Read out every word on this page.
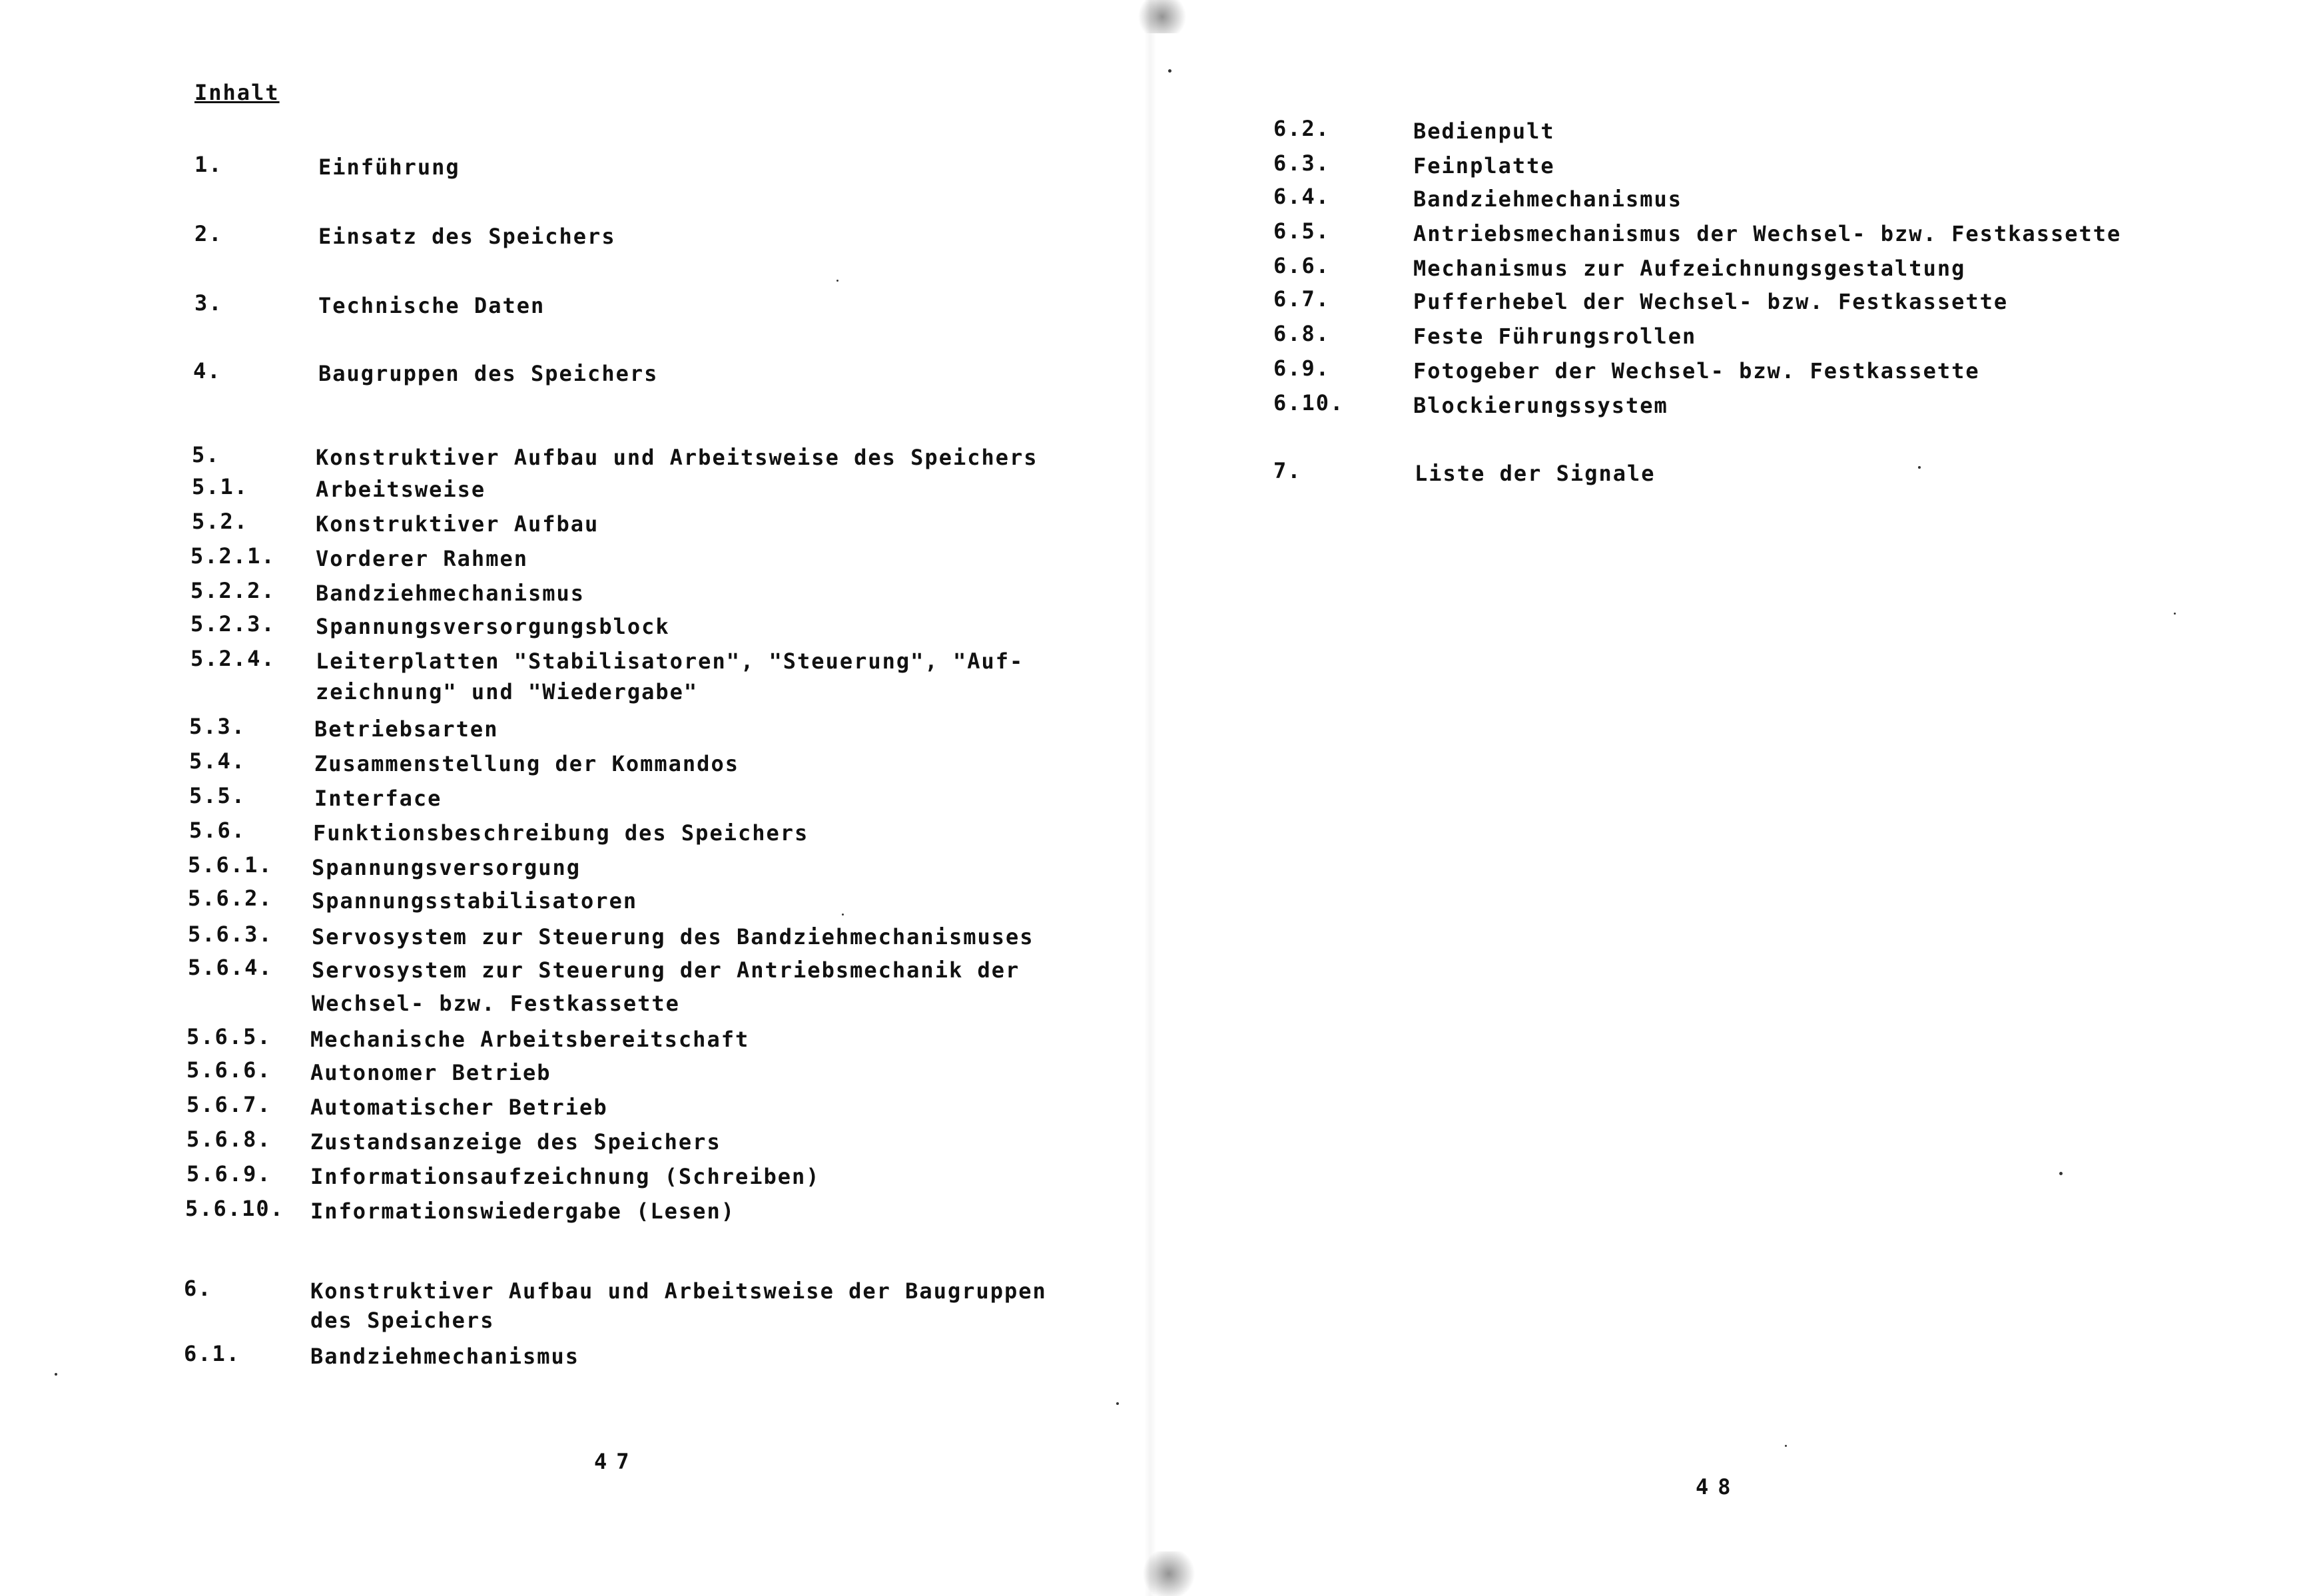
Inhalt
1.	Einführung
2.	Einsatz des Speichers
3.	Technische Daten
4.	Baugruppen des Speichers
5.	Konstruktiver Aufbau und Arbeitsweise des Speichers
5.1.	Arbeitsweise
5.2.	Konstruktiver Aufbau
5.2.1. Vorderer Rahmen
5.2.2. Bandziehmechanismus
5.2.3. Spannungsversorgungsblock
5.2.4. Leiterplatten "Stabilisatoren", "Steuerung", "Auf-
zeichnung" und "Wiedergabe"
5.3.	Betriebsarten
5.4.	Zusammenstellung der Kommandos
5.5.	Interface
5.6.	Funktionsbeschreibung des Speichers
5.6.1. Spannungsversorgung
5.6.2. Spannungsstabilisatoren
5.6.3. Servosystem zur Steuerung des Bandziehmechanismuses
5.6.4. Servosystem zur Steuerung der Antriebsmechanik der
Wechsel- bzw. Festkassette
5.6.5. Mechanische Arbeitsbereitschaft
5.6.6. Autonomer Betrieb
5.6.7. Automatischer Betrieb
5.6.8. Zustandsanzeige des Speichers
5.6.9. Informationsaufzeichnung (Schreiben)
5.6.10. Informationswiedergabe (Lesen)
6.	Konstruktiver Aufbau und Arbeitsweise der Baugruppen
des Speichers
6.1.	Bandziehmechanismus
47
6.2.	Bedienpult
6.3.	Feinplatte
6.4.	Bandziehmechanismus
6.5.	Antriebsmechanismus der Wechsel- bzw. Festkassette
6.6.	Mechanismus zur Aufzeichnungsgestaltung
6.7.	Pufferhebel der Wechsel- bzw. Festkassette
6.8.	Feste Führungsrollen
6.9.	Fotogeber der Wechsel- bzw. Festkassette
6.10.	Blockierungssystem
7.	Liste der Signale
48
